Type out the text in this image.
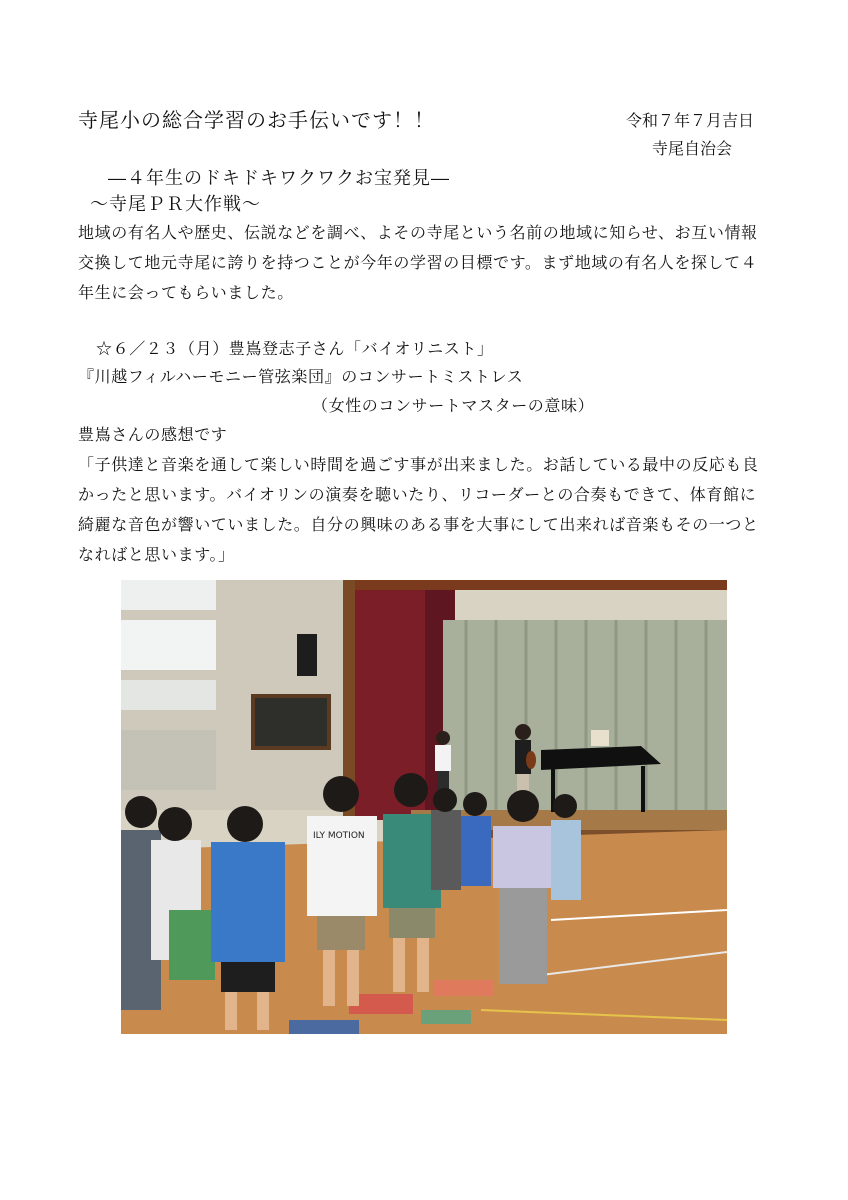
寺尾小の総合学習のお手伝いです！！	令和７年７月吉日
寺尾自治会
―４年生のドキドキワクワクお宝発見―
～寺尾ＰＲ大作戦～
地域の有名人や歴史、伝説などを調べ、よその寺尾という名前の地域に知らせ、お互い情報交換して地元寺尾に誇りを持つことが今年の学習の目標です。まず地域の有名人を探して４年生に会ってもらいました。
☆６／２３（月）豊嶌登志子さん「バイオリニスト」
『川越フィルハーモニー管弦楽団』のコンサートミストレス
（女性のコンサートマスターの意味）
豊嶌さんの感想です
「子供達と音楽を通して楽しい時間を過ごす事が出来ました。お話している最中の反応も良かったと思います。バイオリンの演奏を聴いたり、リコーダーとの合奏もできて、体育館に綺麗な音色が響いていました。自分の興味のある事を大事にして出来れば音楽もその一つとなればと思います。」
ILY MOTION
